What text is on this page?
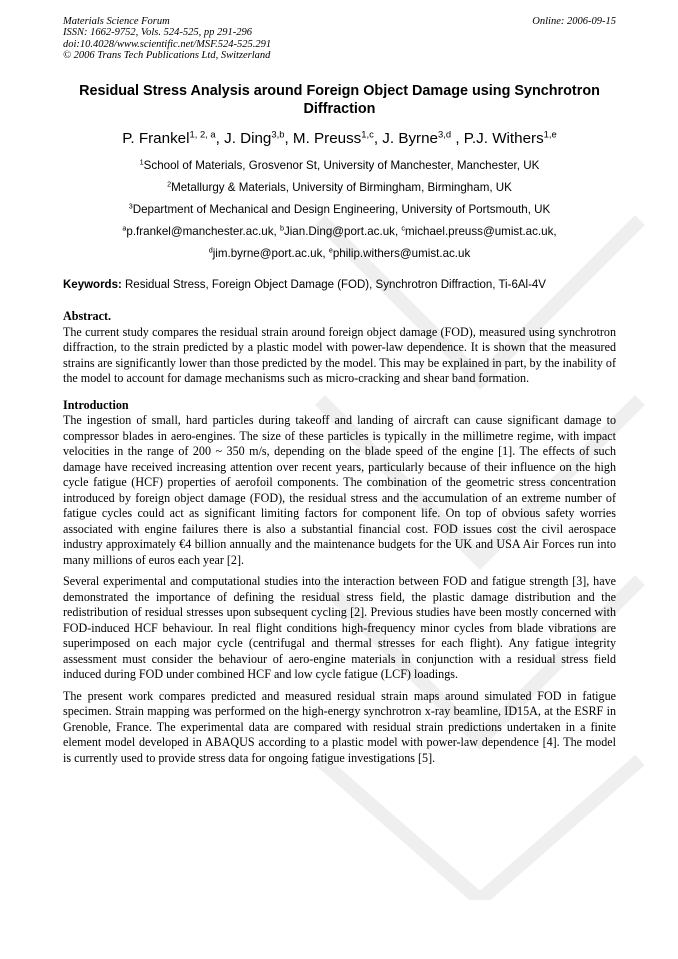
Materials Science Forum
ISSN: 1662-9752, Vols. 524-525, pp 291-296
doi:10.4028/www.scientific.net/MSF.524-525.291
© 2006 Trans Tech Publications Ltd, Switzerland
Online: 2006-09-15
Residual Stress Analysis around Foreign Object Damage using Synchrotron Diffraction
P. Frankel$^{1, 2, a}$, J. Ding$^{3,b}$, M. Preuss$^{1,c}$, J. Byrne$^{3,d}$ , P.J. Withers$^{1,e}$
$^1$School of Materials, Grosvenor St, University of Manchester, Manchester, UK
$^2$Metallurgy & Materials, University of Birmingham, Birmingham, UK
$^3$Department of Mechanical and Design Engineering, University of Portsmouth, UK
$^a$p.frankel@manchester.ac.uk, $^b$Jian.Ding@port.ac.uk, $^c$michael.preuss@umist.ac.uk,
$^d$jim.byrne@port.ac.uk, $^e$philip.withers@umist.ac.uk
Keywords: Residual Stress, Foreign Object Damage (FOD), Synchrotron Diffraction, Ti-6Al-4V
Abstract.

The current study compares the residual strain around foreign object damage (FOD), measured using synchrotron diffraction, to the strain predicted by a plastic model with power-law dependence. It is shown that the measured strains are significantly lower than those predicted by the model. This may be explained in part, by the inability of the model to account for damage mechanisms such as micro-cracking and shear band formation.

Introduction

The ingestion of small, hard particles during takeoff and landing of aircraft can cause significant damage to compressor blades in aero-engines. The size of these particles is typically in the millimetre regime, with impact velocities in the range of 200 ~ 350 m/s, depending on the blade speed of the engine [1]. The effects of such damage have received increasing attention over recent years, particularly because of their influence on the high cycle fatigue (HCF) properties of aerofoil components. The combination of the geometric stress concentration introduced by foreign object damage (FOD), the residual stress and the accumulation of an extreme number of fatigue cycles could act as significant limiting factors for component life. On top of obvious safety worries associated with engine failures there is also a substantial financial cost. FOD issues cost the civil aerospace industry approximately €4 billion annually and the maintenance budgets for the UK and USA Air Forces run into many millions of euros each year [2].

Several experimental and computational studies into the interaction between FOD and fatigue strength [3], have demonstrated the importance of defining the residual stress field, the plastic damage distribution and the redistribution of residual stresses upon subsequent cycling [2]. Previous studies have been mostly concerned with FOD-induced HCF behaviour. In real flight conditions high-frequency minor cycles from blade vibrations are superimposed on each major cycle (centrifugal and thermal stresses for each flight). Any fatigue integrity assessment must consider the behaviour of aero-engine materials in conjunction with a residual stress field induced during FOD under combined HCF and low cycle fatigue (LCF) loadings.

The present work compares predicted and measured residual strain maps around simulated FOD in fatigue specimen. Strain mapping was performed on the high-energy synchrotron x-ray beamline, ID15A, at the ESRF in Grenoble, France. The experimental data are compared with residual strain predictions undertaken in a finite element model developed in ABAQUS according to a plastic model with power-law dependence [4]. The model is currently used to provide stress data for ongoing fatigue investigations [5].
